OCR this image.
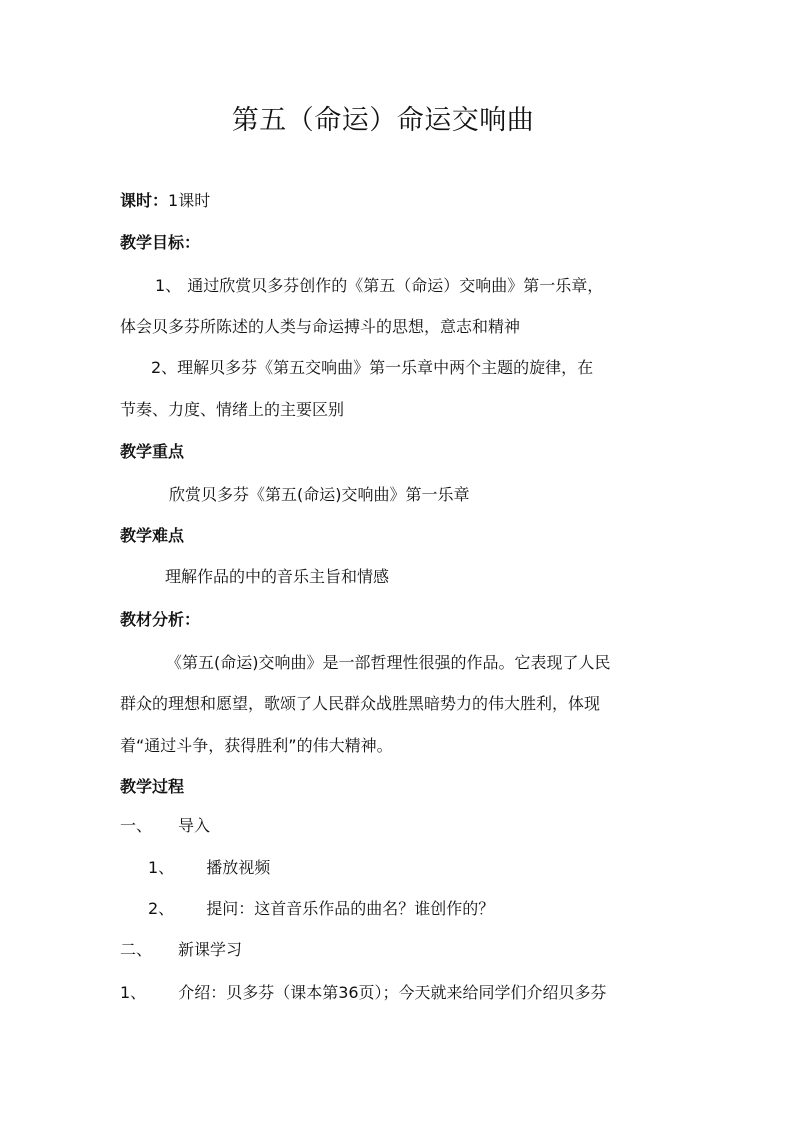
第五（命运）命运交响曲
课时：1课时
教学目标：
1、 通过欣赏贝多芬创作的《第五（命运）交响曲》第一乐章，
体会贝多芬所陈述的人类与命运搏斗的思想，意志和精神
2、理解贝多芬《第五交响曲》第一乐章中两个主题的旋律，在
节奏、力度、情绪上的主要区别
教学重点
欣赏贝多芬《第五(命运)交响曲》第一乐章
教学难点
理解作品的中的音乐主旨和情感
教材分析：
《第五(命运)交响曲》是一部哲理性很强的作品。它表现了人民
群众的理想和愿望，歌颂了人民群众战胜黑暗势力的伟大胜利，体现
着“通过斗争，获得胜利”的伟大精神。
教学过程
一、 导入
1、 播放视频
2、 提问：这首音乐作品的曲名？谁创作的？
二、 新课学习
1、 介绍：贝多芬（课本第36页）；今天就来给同学们介绍贝多芬
